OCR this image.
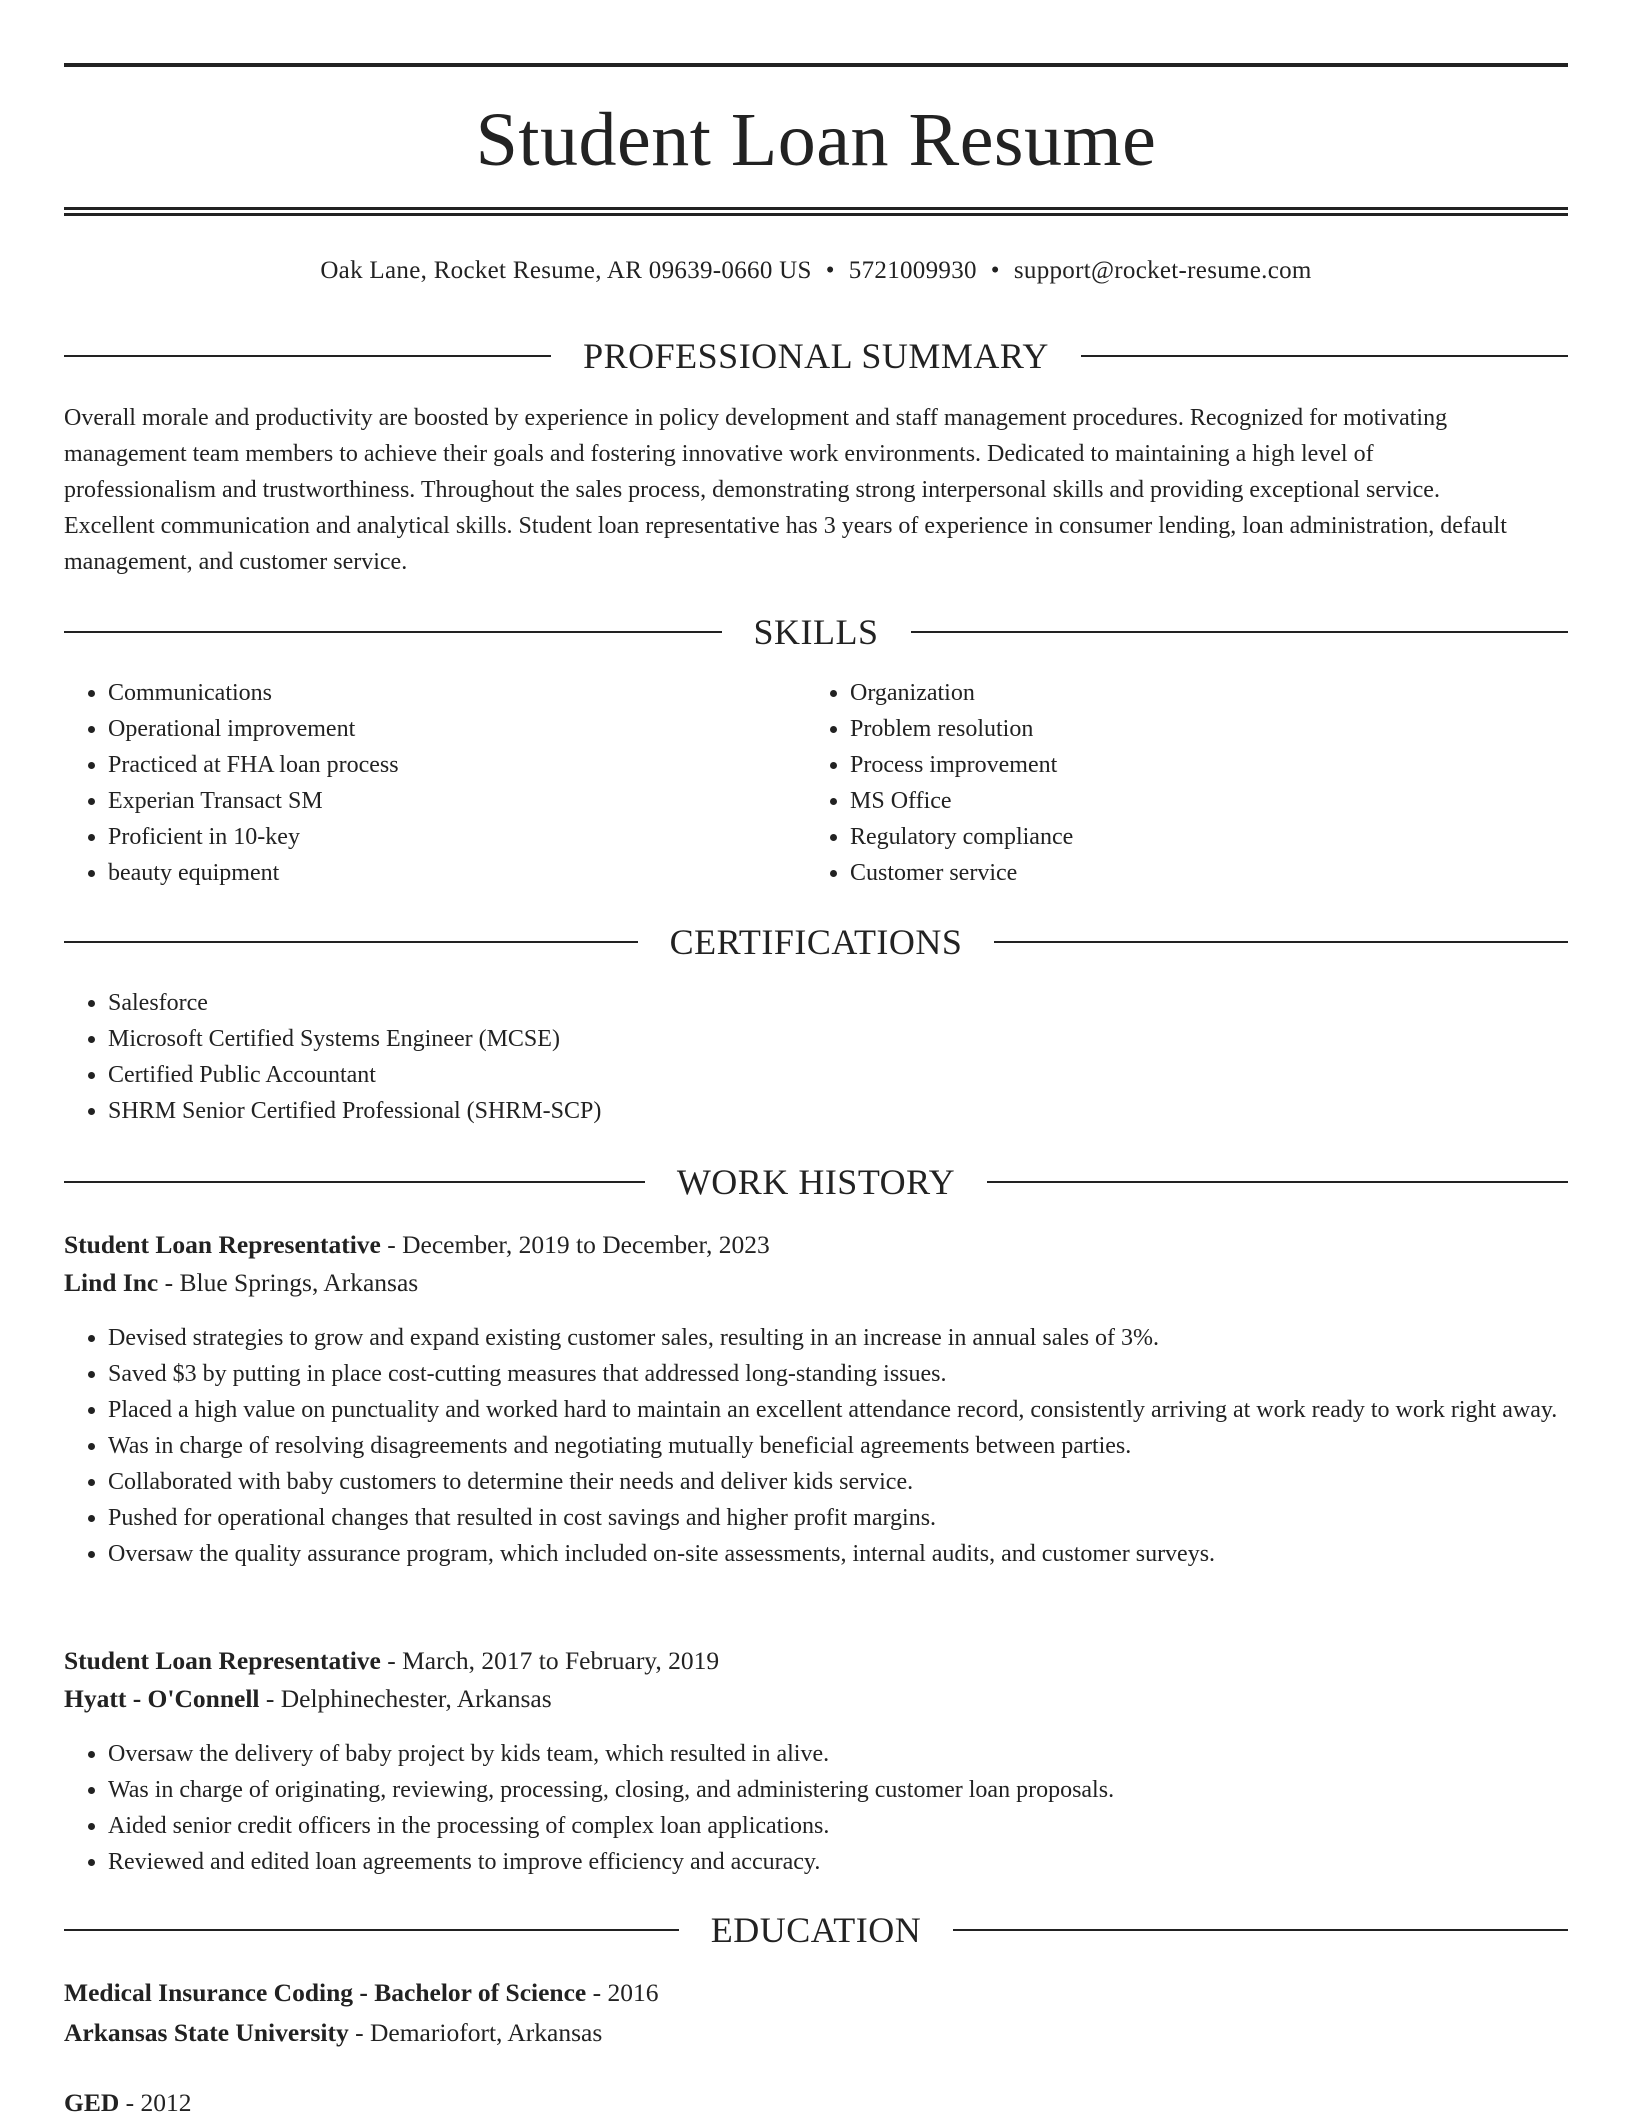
Student Loan Resume
Oak Lane, Rocket Resume, AR 09639-0660 US • 5721009930 • support@rocket-resume.com
PROFESSIONAL SUMMARY
Overall morale and productivity are boosted by experience in policy development and staff management procedures. Recognized for motivating
management team members to achieve their goals and fostering innovative work environments. Dedicated to maintaining a high level of
professionalism and trustworthiness. Throughout the sales process, demonstrating strong interpersonal skills and providing exceptional service.
Excellent communication and analytical skills. Student loan representative has 3 years of experience in consumer lending, loan administration, default
management, and customer service.
SKILLS
• Communications
• Operational improvement
• Practiced at FHA loan process
• Experian Transact SM
• Proficient in 10-key
• beauty equipment
• Organization
• Problem resolution
• Process improvement
• MS Office
• Regulatory compliance
• Customer service
CERTIFICATIONS
• Salesforce
• Microsoft Certified Systems Engineer (MCSE)
• Certified Public Accountant
• SHRM Senior Certified Professional (SHRM-SCP)
WORK HISTORY
Student Loan Representative - December, 2019 to December, 2023
Lind Inc - Blue Springs, Arkansas
• Devised strategies to grow and expand existing customer sales, resulting in an increase in annual sales of 3%.
• Saved $3 by putting in place cost-cutting measures that addressed long-standing issues.
• Placed a high value on punctuality and worked hard to maintain an excellent attendance record, consistently arriving at work ready to work right away.
• Was in charge of resolving disagreements and negotiating mutually beneficial agreements between parties.
• Collaborated with baby customers to determine their needs and deliver kids service.
• Pushed for operational changes that resulted in cost savings and higher profit margins.
• Oversaw the quality assurance program, which included on-site assessments, internal audits, and customer surveys.
Student Loan Representative - March, 2017 to February, 2019
Hyatt - O'Connell - Delphinechester, Arkansas
• Oversaw the delivery of baby project by kids team, which resulted in alive.
• Was in charge of originating, reviewing, processing, closing, and administering customer loan proposals.
• Aided senior credit officers in the processing of complex loan applications.
• Reviewed and edited loan agreements to improve efficiency and accuracy.
EDUCATION
Medical Insurance Coding - Bachelor of Science - 2016
Arkansas State University - Demariofort, Arkansas
GED - 2012
